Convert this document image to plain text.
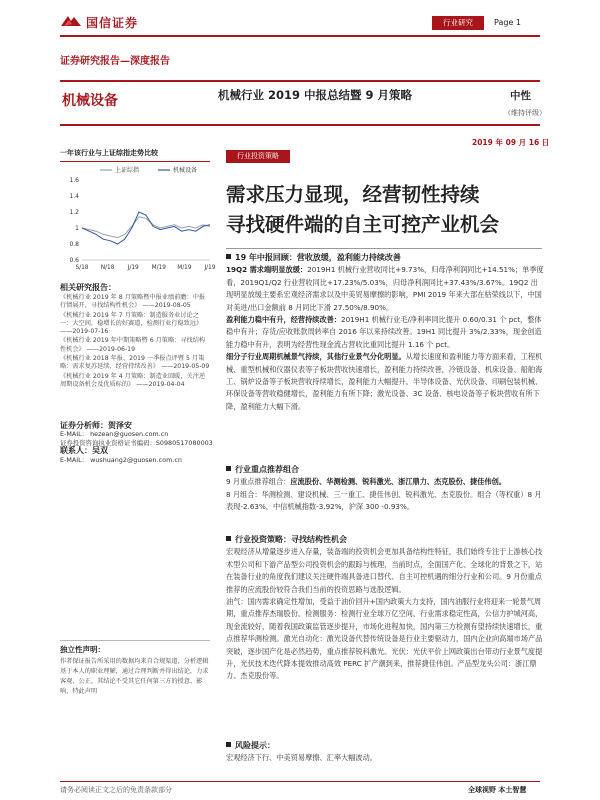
国信证券	行业研究	Page 1
证券研究报告—深度报告
机械设备	机械行业 2019 中报总结暨 9 月策略	中性
（维持评级）
2019 年 09 月 16 日
一年该行业与上证综指走势比较
上证综指	机械设备
1.6
1.4
1.2
1
0.8
0.6
S/18 N/18 J/19 M/19 M/19 J/19
相关研究报告：
《机械行业 2019 年 8 月策略暨中报业绩前瞻：中报行情展开，寻找结构性机会》 ——2019-08-05
《机械行业 2019 年 7 月策略：制造服务业讨论之一：大空间，稳增长的好赛道，检测行业行稳致远》 ——2019-07-16
《机械行业 2019 年中期策略暨 6 月策略：寻找结构性机会》 ——2019-06-19
《机械行业 2018 年报、2019 一季报点评暨 5 月策略：需求复苏延续，经营持续改善》 ——2019-05-09
《机械行业 2019 年 4 月策略：制造业回暖，关注逆周期设备机会及优质标的》 ——2019-04-04
证券分析师：贺泽安
E-MAIL： hezean@guosen.com.cn
证券投资咨询执业资格证书编码：S0980517080003
联系人：吴双
E-MAIL： wushuang2@guosen.com.cn
独立性声明：
作者保证报告所采用的数据均来自合规渠道，分析逻辑基于本人的职业理解，通过合理判断并得出结论，力求客观、公正，其结论不受其它任何第三方的授意、影响，特此声明
行业投资策略
需求压力显现，经营韧性持续
寻找硬件端的自主可控产业机会
19 年中报回顾：营收放缓，盈利能力持续改善
19Q2 需求端明显放缓：2019H1 机械行业营收同比+9.73%，归母净利润同比+14.51%；单季度看，2019Q1/Q2 行业营收同比+17.23%/5.03%，归母净利润同比+37.43%/3.67%。19Q2 出现明显放缓主要系宏观经济需求以及中美贸易摩擦的影响，PMI 2019 年来大部在枯荣线以下，中国对美进/出口金额前 8 月同比下滑 27.50%/8.90%。
盈利能力稳中有升，经营持续改善：2019H1 机械行业毛/净利率同比提升 0.60/0.31 个 pct，整体稳中有升；存货/应收账款周转率自 2016 年以来持续改善。19H1 同比提升 3%/2.33%，现金创造能力稳中有升，表明为经营性现金流占营收比重同比提升 1.16 个 pct。
细分子行业周期机械景气持续，其他行业景气分化明显。从增长速度和盈利能力等方面来看，工程机械、重型机械和仪器仪表等子板块营收快速增长，盈利能力持续改善，冷链设备、机床设备、船舶海工、锅炉设备等子板块营收持续增长，盈利能力大幅提升，半导体设备、光伏设备、印刷包装机械、环保设备等营收稳健增长，盈利能力有所下降；激光设备、3C 设备、核电设备等子板块营收有所下降，盈利能力大幅下滑。
行业重点推荐组合
9 月重点推荐组合：应流股份、华测检测、锐科激光、浙江鼎力、杰克股份、捷佳伟创。
8 月组合：华测检测、建设机械、三一重工、捷佳伟创、锐科激光、杰克股份。组合（等权重）8 月表现-2.63%，中信机械指数-3.92%，沪深 300 -0.93%。
行业投资策略：寻找结构性机会
宏观经济从增量逐步进入存量，装备端的投资机会更加具备结构性特征，我们始终专注于上游核心技术型公司和下游产品型公司投资机会的跟踪与梳理，当前时点，全面国产化、全球化的背景之下，站在装备行业的角度我们建议关注硬件端具备进口替代、自主可控机遇的细分行业和公司。9 月份重点推荐的应流股份较符合我们当前的投资思路与选股逻辑。
油气：国内需求确定性增加，受益于油价回升+国内政策大力支持，国内油服行业将迎来一轮景气周期，重点推荐杰瑞股份。检测服务：检测行业全球万亿空间，行业需求稳定性高，公信力护城河高，现金流较好，随着我国政策监管逐步提升，市场化进程加快，国内第三方检测有望持续快速增长，重点推荐华测检测。激光自动化：激光设备代替传统设备是行业主要驱动力，国内企业向高端市场产品突破，逐步国产化是必然趋势，重点推荐锐科激光。光伏：光伏平价上网政策出台带动行业景气度提升，光伏技术迭代降本提效推动高效 PERC 扩产潮到来，推荐捷佳伟创。产品型龙头公司：浙江鼎力、杰克股份等。
风险提示：
宏观经济下行、中美贸易摩擦、汇率大幅波动。
请务必阅读正文之后的免责条款部分	全球视野 本土智慧
